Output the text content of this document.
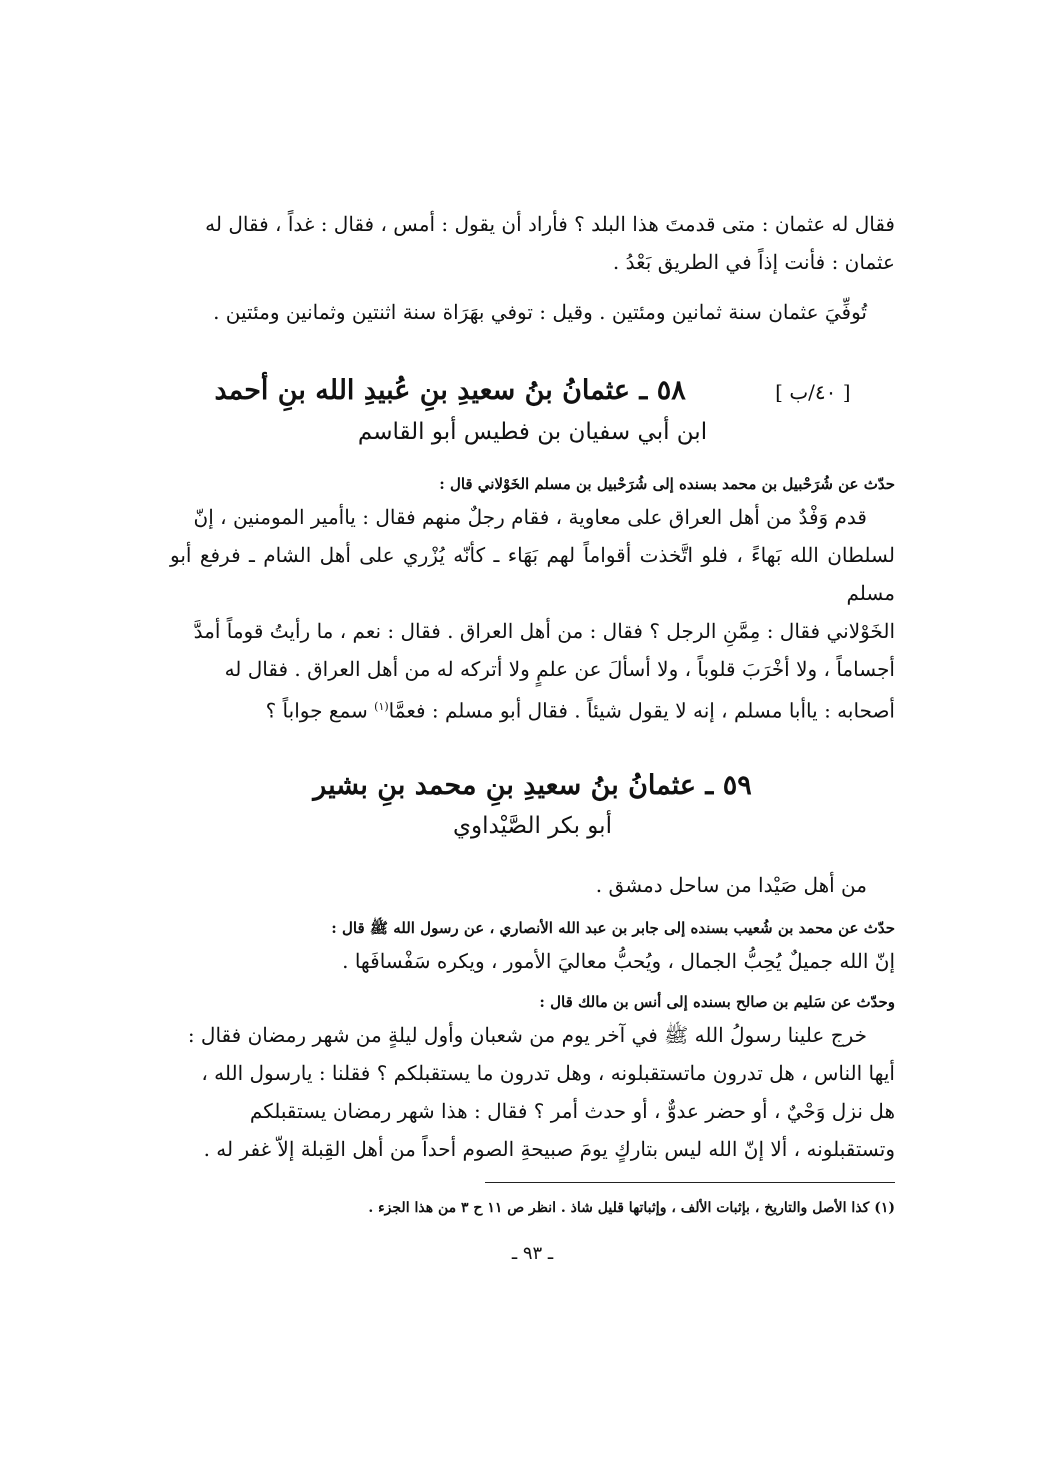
فقال له عثمان : متى قدمتَ هذا البلد ؟ فأراد أن يقول : أمس ، فقال : غداً ، فقال له

عثمان : فأنت إذاً في الطريق بَعْدُ .

تُوفِّيَ عثمان سنة ثمانين ومئتين . وقيل : توفي بهَرَاة سنة اثنتين وثمانين ومئتين .

[ ٤٠/ب ] ٥٨ ـ عثمانُ بنُ سعيدِ بنِ عُبيدِ الله بنِ أحمد
ابن أبي سفيان بن فطيس أبو القاسم

حدّث عن شُرَحْبيل بن محمد بسنده إلى شُرَحْبيل بن مسلم الخَوْلاني قال :

قدم وَفْدٌ من أهل العراق على معاوية ، فقام رجلٌ منهم فقال : ياأمير المومنين ، إنّ

لسلطان الله بَهاءً ، فلو اتَّخذت أقواماً لهم بَهَاء ـ كأنّه يُزْري على أهل الشام ـ فرفع أبو مسلم

الخَوْلاني فقال : مِمَّنِ الرجل ؟ فقال : من أهل العراق . فقال : نعم ، ما رأيتُ قوماً أمدَّ

أجساماً ، ولا أخْرَبَ قلوباً ، ولا أسألَ عن علمٍ ولا أتركه له من أهل العراق . فقال له

أصحابه : ياأبا مسلم ، إنه لا يقول شيئاً . فقال أبو مسلم : فعمَّا$^{(١)}$ سمع جواباً ؟

٥٩ ـ عثمانُ بنُ سعيدِ بنِ محمد بنِ بشير
أبو بكر الصَّيْداوي

من أهل صَيْدا من ساحل دمشق .

حدّث عن محمد بن شُعيب بسنده إلى جابر بن عبد الله الأنصاري ، عن رسول الله ﷺ قال :

إنّ الله جميلٌ يُحِبُّ الجمال ، ويُحبُّ معاليَ الأمور ، ويكره سَفْسافَها .

وحدّث عن سَليم بن صالح بسنده إلى أنس بن مالك قال :

خرج علينا رسولُ الله ﷺ في آخر يوم من شعبان وأول ليلةٍ من شهر رمضان فقال :

أيها الناس ، هل تدرون ماتستقبلونه ، وهل تدرون ما يستقبلكم ؟ فقلنا : يارسول الله ،

هل نزل وَحْيٌ ، أو حضر عدوٌّ ، أو حدث أمر ؟ فقال : هذا شهر رمضان يستقبلكم

وتستقبلونه ، ألا إنّ الله ليس بتاركٍ يومَ صبيحةِ الصوم أحداً من أهل القِبلة إلاّ غفر له .

(١) كذا الأصل والتاريخ ، بإثبات الألف ، وإثباتها قليل شاذ . انظر ص ١١ ح ٣ من هذا الجزء .

ـ ٩٣ ـ
